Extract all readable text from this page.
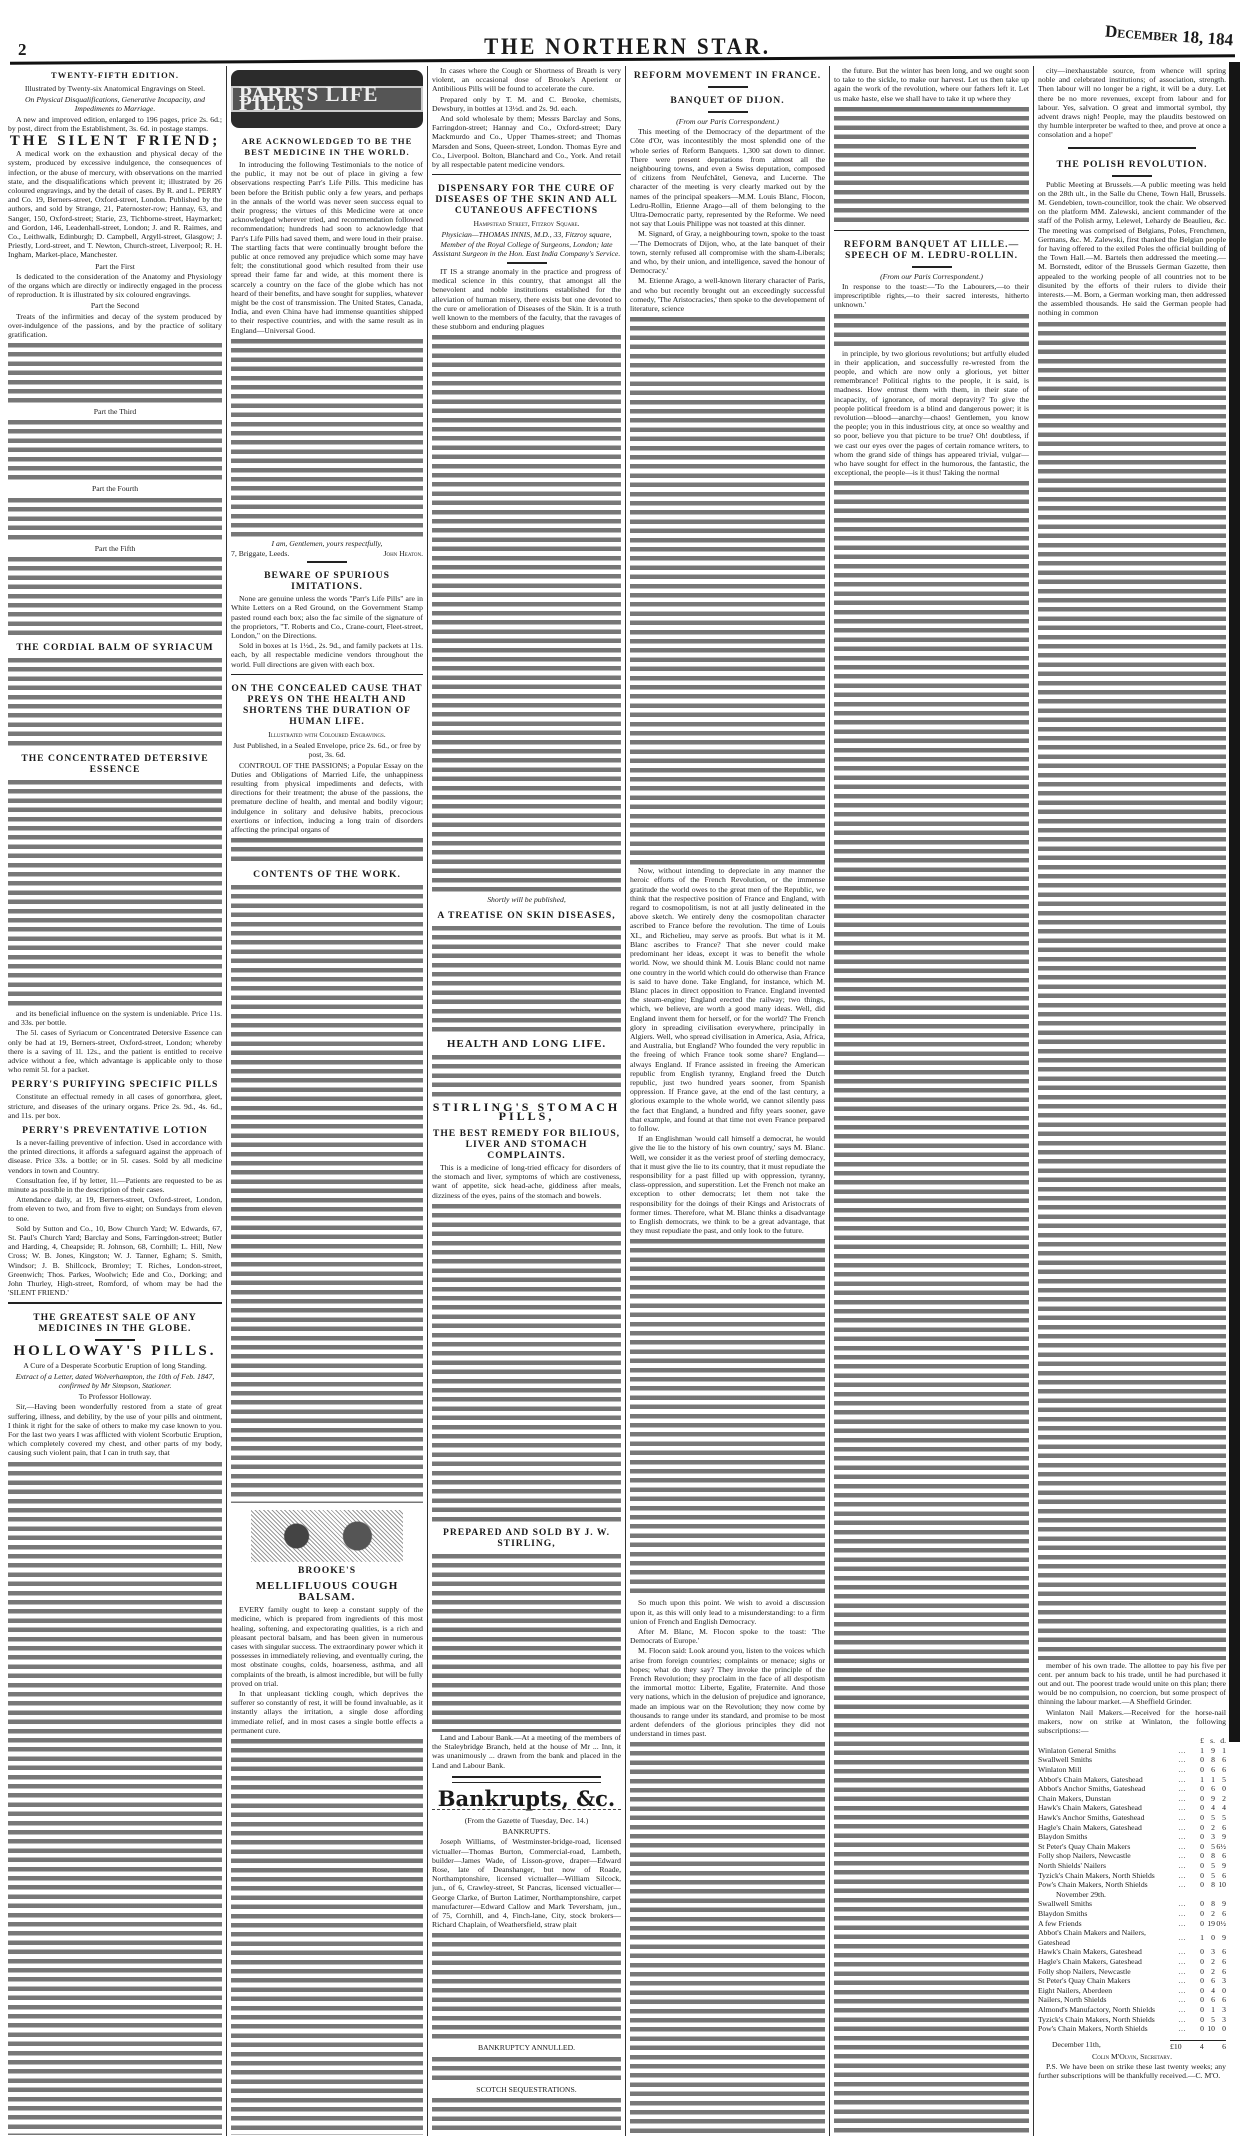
2	THE NORTHERN STAR.	December 18, 184
TWENTY-FIFTH EDITION.
Illustrated by Twenty-six Anatomical Engravings on Steel.
On Physical Disqualifications, Generative Incapacity, and Impediments to Marriage.
A new and improved edition, enlarged to 196 pages, price 2s. 6d.; by post, direct from the Establishment, 3s. 6d. in postage stamps.
THE SILENT FRIEND;
A medical work on the exhaustion and physical decay of the system, produced by excessive indulgence, the consequences of infection, or the abuse of mercury, with observations on the married state, and the disqualifications which prevent it; illustrated by 26 coloured engravings, and by the detail of cases. By R. and L. PERRY and Co. 19, Berners-street, Oxford-street, London. Published by the authors, and sold by Strange, 21, Paternoster-row; Hannay, 63, and Sanger, 150, Oxford-street; Starie, 23, Tichborne-street, Haymarket; and Gordon, 146, Leadenhall-street, London; J. and R. Raimes, and Co., Leithwalk, Edinburgh; D. Campbell, Argyll-street, Glasgow; J. Priestly, Lord-street, and T. Newton, Church-street, Liverpool; R. H. Ingham, Market-place, Manchester.
Part the First
Is dedicated to the consideration of the Anatomy and Physiology of the organs which are directly or indirectly engaged in the process of reproduction. It is illustrated by six coloured engravings.
Part the Second
Treats of the infirmities and decay of the system produced by over-indulgence of the passions, and by the practice of solitary gratification.
Part the Third
Part the Fourth
Part the Fifth
THE CORDIAL BALM OF SYRIACUM
THE CONCENTRATED DETERSIVE ESSENCE
and its beneficial influence on the system is undeniable. Price 11s. and 33s. per bottle.
The 5l. cases of Syriacum or Concentrated Detersive Essence can only be had at 19, Berners-street, Oxford-street, London; whereby there is a saving of 1l. 12s., and the patient is entitled to receive advice without a fee, which advantage is applicable only to those who remit 5l. for a packet.
PERRY'S PURIFYING SPECIFIC PILLS
Constitute an effectual remedy in all cases of gonorrhœa, gleet, stricture, and diseases of the urinary organs. Price 2s. 9d., 4s. 6d., and 11s. per box.
PERRY'S PREVENTATIVE LOTION
Is a never-failing preventive of infection. Used in accordance with the printed directions, it affords a safeguard against the approach of disease. Price 33s. a bottle; or in 5l. cases. Sold by all medicine vendors in town and Country.
Consultation fee, if by letter, 1l.—Patients are requested to be as minute as possible in the description of their cases.
Attendance daily, at 19, Berners-street, Oxford-street, London, from eleven to two, and from five to eight; on Sundays from eleven to one.
Sold by Sutton and Co., 10, Bow Church Yard; W. Edwards, 67, St. Paul's Church Yard; Barclay and Sons, Farringdon-street; Butler and Harding, 4, Cheapside; R. Johnson, 68, Cornhill; L. Hill, New Cross; W. B. Jones, Kingston; W. J. Tanner, Egham; S. Smith, Windsor; J. B. Shillcock, Bromley; T. Riches, London-street, Greenwich; Thos. Parkes, Woolwich; Ede and Co., Dorking; and John Thurley, High-street, Romford, of whom may be had the 'SILENT FRIEND.'
THE GREATEST SALE OF ANY MEDICINES IN THE GLOBE.
HOLLOWAY'S PILLS.
A Cure of a Desperate Scorbutic Eruption of long Standing.
Extract of a Letter, dated Wolverhampton, the 10th of Feb. 1847, confirmed by Mr Simpson, Stationer.
To Professor Holloway.
Sir,—Having been wonderfully restored from a state of great suffering, illness, and debility, by the use of your pills and ointment, I think it right for the sake of others to make my case known to you. For the last two years I was afflicted with violent Scorbutic Eruption, which completely covered my chest, and other parts of my body, causing such violent pain, that I can in truth say, that
PARR'S LIFE PILLS
ARE ACKNOWLEDGED TO BE THE BEST MEDICINE IN THE WORLD.
In introducing the following Testimonials to the notice of the public, it may not be out of place in giving a few observations respecting Parr's Life Pills. This medicine has been before the British public only a few years, and perhaps in the annals of the world was never seen success equal to their progress; the virtues of this Medicine were at once acknowledged wherever tried, and recommendation followed recommendation; hundreds had soon to acknowledge that Parr's Life Pills had saved them, and were loud in their praise. The startling facts that were continually brought before the public at once removed any prejudice which some may have felt; the constitutional good which resulted from their use spread their fame far and wide, at this moment there is scarcely a country on the face of the globe which has not heard of their benefits, and have sought for supplies, whatever might be the cost of transmission. The United States, Canada, India, and even China have had immense quantities shipped to their respective countries, and with the same result as in England—Universal Good.
I am, Gentlemen, yours respectfully,
7, Briggate, Leeds.	John Heaton.
BEWARE OF SPURIOUS IMITATIONS.
None are genuine unless the words "Parr's Life Pills" are in White Letters on a Red Ground, on the Government Stamp pasted round each box; also the fac simile of the signature of the proprietors, "T. Roberts and Co., Crane-court, Fleet-street, London," on the Directions.
Sold in boxes at 1s 1½d., 2s. 9d., and family packets at 11s. each, by all respectable medicine vendors throughout the world. Full directions are given with each box.
ON THE CONCEALED CAUSE THAT PREYS ON THE HEALTH AND SHORTENS THE DURATION OF HUMAN LIFE.
Illustrated with Coloured Engravings.
Just Published, in a Sealed Envelope, price 2s. 6d., or free by post, 3s. 6d.
CONTROUL OF THE PASSIONS; a Popular Essay on the Duties and Obligations of Married Life, the unhappiness resulting from physical impediments and defects, with directions for their treatment; the abuse of the passions, the premature decline of health, and mental and bodily vigour; indulgence in solitary and delusive habits, precocious exertions or infection, inducing a long train of disorders affecting the principal organs of
CONTENTS OF THE WORK.
BROOKE'S
MELLIFLUOUS COUGH BALSAM.
EVERY family ought to keep a constant supply of the medicine, which is prepared from ingredients of this most healing, softening, and expectorating qualities, is a rich and pleasant pectoral balsam, and has been given in numerous cases with singular success. The extraordinary power which it possesses in immediately relieving, and eventually curing, the most obstinate coughs, colds, hoarseness, asthma, and all complaints of the breath, is almost incredible, but will be fully proved on trial.
In that unpleasant tickling cough, which deprives the sufferer so constantly of rest, it will be found invaluable, as it instantly allays the irritation, a single dose affording immediate relief, and in most cases a single bottle effects a permanent cure.
In cases where the Cough or Shortness of Breath is very violent, an occasional dose of Brooke's Aperient or Antibilious Pills will be found to accelerate the cure.
Prepared only by T. M. and C. Brooke, chemists, Dewsbury, in bottles at 13½d. and 2s. 9d. each.
And sold wholesale by them; Messrs Barclay and Sons, Farringdon-street; Hannay and Co., Oxford-street; Dary Mackmurdo and Co., Upper Thames-street; and Thomas Marsden and Sons, Queen-street, London. Thomas Eyre and Co., Liverpool. Bolton, Blanchard and Co., York. And retail by all respectable patent medicine vendors.
DISPENSARY FOR THE CURE OF DISEASES OF THE SKIN AND ALL CUTANEOUS AFFECTIONS
Hampstead Street, Fitzroy Square.
Physician—THOMAS INNIS, M.D., 33, Fitzroy square, Member of the Royal College of Surgeons, London; late Assistant Surgeon in the Hon. East India Company's Service.
IT IS a strange anomaly in the practice and progress of medical science in this country, that amongst all the benevolent and noble institutions established for the alleviation of human misery, there exists but one devoted to the cure or amelioration of Diseases of the Skin. It is a truth well known to the members of the faculty, that the ravages of these stubborn and enduring plagues
Shortly will be published,
A TREATISE ON SKIN DISEASES,
HEALTH AND LONG LIFE.
STIRLING'S STOMACH PILLS,
THE BEST REMEDY FOR BILIOUS, LIVER AND STOMACH COMPLAINTS.
This is a medicine of long-tried efficacy for disorders of the stomach and liver, symptoms of which are costiveness, want of appetite, sick head-ache, giddiness after meals, dizziness of the eyes, pains of the stomach and bowels.
PREPARED AND SOLD BY J. W. STIRLING,
Land and Labour Bank.—At a meeting of the members of the Staleybridge Branch, held at the house of Mr ... Inn, it was unanimously ... drawn from the bank and placed in the Land and Labour Bank.
Bankrupts, &c.
(From the Gazette of Tuesday, Dec. 14.)
BANKRUPTS.
Joseph Williams, of Westminster-bridge-road, licensed victualler—Thomas Burton, Commercial-road, Lambeth, builder—James Wade, of Lisson-grove, draper—Edward Rose, late of Deanshanger, but now of Roade, Northamptonshire, licensed victualler—William Silcock, jun., of 6, Crawley-street, St Pancras, licensed victualler—George Clarke, of Burton Latimer, Northamptonshire, carpet manufacturer—Edward Callow and Mark Teversham, jun., of 75, Cornhill, and 4, Finch-lane, City, stock brokers—Richard Chaplain, of Weathersfield, straw plait
BANKRUPTCY ANNULLED.
SCOTCH SEQUESTRATIONS.
REFORM MOVEMENT IN FRANCE.
BANQUET OF DIJON.
(From our Paris Correspondent.)
This meeting of the Democracy of the department of the Côte d'Or, was incontestibly the most splendid one of the whole series of Reform Banquets. 1,300 sat down to dinner. There were present deputations from almost all the neighbouring towns, and even a Swiss deputation, composed of citizens from Neufchâtel, Geneva, and Lucerne. The character of the meeting is very clearly marked out by the names of the principal speakers—M.M. Louis Blanc, Flocon, Ledru-Rollin, Etienne Arago—all of them belonging to the Ultra-Democratic party, represented by the Reforme. We need not say that Louis Philippe was not toasted at this dinner.
M. Signard, of Gray, a neighbouring town, spoke to the toast—'The Democrats of Dijon, who, at the late banquet of their town, sternly refused all compromise with the sham-Liberals; and who, by their union, and intelligence, saved the honour of Democracy.'
M. Etienne Arago, a well-known literary character of Paris, and who but recently brought out an exceedingly successful comedy, 'The Aristocracies,' then spoke to the developement of literature, science
Now, without intending to depreciate in any manner the heroic efforts of the French Revolution, or the immense gratitude the world owes to the great men of the Republic, we think that the respective position of France and England, with regard to cosmopolitism, is not at all justly delineated in the above sketch. We entirely deny the cosmopolitan character ascribed to France before the revolution. The time of Louis XI., and Richelieu, may serve as proofs. But what is it M. Blanc ascribes to France? That she never could make predominant her ideas, except it was to benefit the whole world. Now, we should think M. Louis Blanc could not name one country in the world which could do otherwise than France is said to have done. Take England, for instance, which M. Blanc places in direct opposition to France. England invented the steam-engine; England erected the railway; two things, which, we believe, are worth a good many ideas. Well, did England invent them for herself, or for the world? The French glory in spreading civilisation everywhere, principally in Algiers. Well, who spread civilisation in America, Asia, Africa, and Australia, but England? Who founded the very republic in the freeing of which France took some share? England—always England. If France assisted in freeing the American republic from English tyranny, England freed the Dutch republic, just two hundred years sooner, from Spanish oppression. If France gave, at the end of the last century, a glorious example to the whole world, we cannot silently pass the fact that England, a hundred and fifty years sooner, gave that example, and found at that time not even France prepared to follow.
If an Englishman 'would call himself a democrat, he would give the lie to the history of his own country,' says M. Blanc. Well, we consider it as the veriest proof of sterling democracy, that it must give the lie to its country, that it must repudiate the responsibility for a past filled up with oppression, tyranny, class-oppression, and superstition. Let the French not make an exception to other democrats; let them not take the responsibility for the doings of their Kings and Aristocrats of former times. Therefore, what M. Blanc thinks a disadvantage to English democrats, we think to be a great advantage, that they must repudiate the past, and only look to the future.
So much upon this point. We wish to avoid a discussion upon it, as this will only lead to a misunderstanding: to a firm union of French and English Democracy.
After M. Blanc, M. Flocon spoke to the toast: 'The Democrats of Europe.'
M. Flocon said: Look around you, listen to the voices which arise from foreign countries; complaints or menace; sighs or hopes; what do they say? They invoke the principle of the French Revolution; they proclaim in the face of all despotism the immortal motto: Liberte, Egalite, Fraternite. And those very nations, which in the delusion of prejudice and ignorance, made an impious war on the Revolution; they now come by thousands to range under its standard, and promise to be most ardent defenders of the glorious principles they did not understand in times past.
the future. But the winter has been long, and we ought soon to take to the sickle, to make our harvest. Let us then take up again the work of the revolution, where our fathers left it. Let us make haste, else we shall have to take it up where they
REFORM BANQUET AT LILLE.—SPEECH OF M. LEDRU-ROLLIN.
(From our Paris Correspondent.)
In response to the toast:—'To the Labourers,—to their imprescriptible rights,—to their sacred interests, hitherto unknown.'
in principle, by two glorious revolutions; but artfully eluded in their application, and successfully re-wrested from the people, and which are now only a glorious, yet bitter remembrance! Political rights to the people, it is said, is madness. How entrust them with them, in their state of incapacity, of ignorance, of moral depravity? To give the people political freedom is a blind and dangerous power; it is revolution—blood—anarchy—chaos! Gentlemen, you know the people; you in this industrious city, at once so wealthy and so poor, believe you that picture to be true? Oh! doubtless, if we cast our eyes over the pages of certain romance writers, to whom the grand side of things has appeared trivial, vulgar—who have sought for effect in the humorous, the fantastic, the exceptional, the people—is it thus! Taking the normal
city—inexhaustable source, from whence will spring noble and celebrated institutions; of association, strength. Then labour will no longer be a right, it will be a duty. Let there be no more revenues, except from labour and for labour. Yes, salvation. O great and immortal symbol, thy advent draws nigh! People, may the plaudits bestowed on thy humble interpreter be wafted to thee, and prove at once a consolation and a hope!'
THE POLISH REVOLUTION.
Public Meeting at Brussels.—A public meeting was held on the 28th ult., in the Salle du Chene, Town Hall, Brussels. M. Gendebien, town-councillor, took the chair. We observed on the platform MM. Zalewski, ancient commander of the staff of the Polish army, Lelewel, Lehardy de Beaulieu, &c. The meeting was comprised of Belgians, Poles, Frenchmen, Germans, &c. M. Zalewski, first thanked the Belgian people for having offered to the exiled Poles the official building of the Town Hall.—M. Bartels then addressed the meeting.—M. Bornstedt, editor of the Brussels German Gazette, then appealed to the working people of all countries not to be disunited by the efforts of their rulers to divide their interests.—M. Born, a German working man, then addressed the assembled thousands. He said the German people had nothing in common
member of his own trade. The allottee to pay his five per cent. per annum back to his trade, until he had purchased it out and out. The poorest trade would unite on this plan; there would be no compulsion, no coercion, but some prospect of thinning the labour market.—A Sheffield Grinder.
Winlaton Nail Makers.—Received for the horse-nail makers, now on strike at Winlaton, the following subscriptions:—
		£	s.	d.
Winlaton General Smiths	…	1	9	1
Swallwell Smiths	…	0	8	6
Winlaton Mill	…	0	6	6
Abbot's Chain Makers, Gateshead	…	1	1	5
Abbot's Anchor Smiths, Gateshead	…	0	6	0
Chain Makers, Dunstan	…	0	9	2
Hawk's Chain Makers, Gateshead	…	0	4	4
Hawk's Anchor Smiths, Gateshead	…	0	5	5
Hagle's Chain Makers, Gateshead	…	0	2	6
Blaydon Smiths	…	0	3	9
St Peter's Quay Chain Makers	…	0	5	6½
Folly shop Nailers, Newcastle	…	0	8	6
North Shields' Nailers	…	0	5	9
Tyzick's Chain Makers, North Shields	…	0	5	6
Pow's Chain Makers, North Shields	…	0	8	10
November 29th.				
Swallwell Smiths	…	0	8	9
Blaydon Smiths	…	0	2	6
A few Friends	…	0	19	0½
Abbot's Chain Makers and Nailers, Gateshead	…	1	0	9
Hawk's Chain Makers, Gateshead	…	0	3	6
Hagle's Chain Makers, Gateshead	…	0	2	6
Folly shop Nailers, Newcastle	…	0	2	6
St Peter's Quay Chain Makers	…	0	6	3
Eight Nailers, Aberdeen	…	0	4	0
Nailers, North Shields	…	0	6	6
Almond's Manufactory, North Shields	…	0	1	3
Tyzick's Chain Makers, North Shields	…	0	5	3
Pow's Chain Makers, North Shields	…	0	10	0
December 11th,	£10 4 6
Colin M'Olvin, Secretary.
P.S. We have been on strike these last twenty weeks; any further subscriptions will be thankfully received.—C. M'O.
